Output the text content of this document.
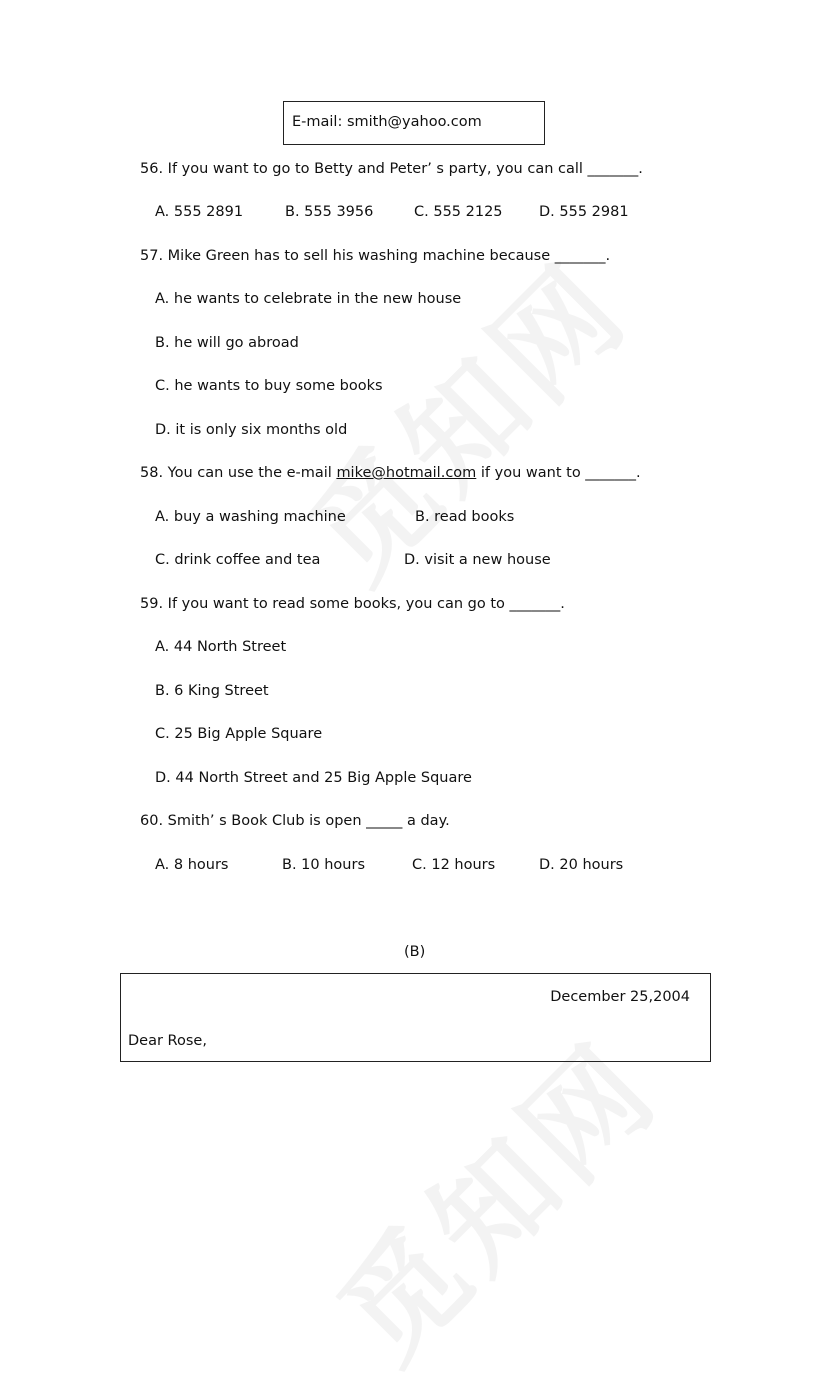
E-mail: smith@yahoo.com
56. If you want to go to Betty and Peter’ s party, you can call _______.
A. 555 2891	B. 555 3956	C. 555 2125	D. 555 2981
57. Mike Green has to sell his washing machine because _______.
A. he wants to celebrate in the new house
B. he will go abroad
C. he wants to buy some books
D. it is only six months old
58. You can use the e-mail mike@hotmail.com if you want to _______.
A. buy a washing machine	B. read books
C. drink coffee and tea	D. visit a new house
59. If you want to read some books, you can go to _______.
A. 44 North Street
B. 6 King Street
C. 25 Big Apple Square
D. 44 North Street and 25 Big Apple Square
60. Smith’ s Book Club is open _____ a day.
A. 8 hours	B. 10 hours	C. 12 hours	D. 20 hours
(B)
December 25,2004
Dear Rose,
